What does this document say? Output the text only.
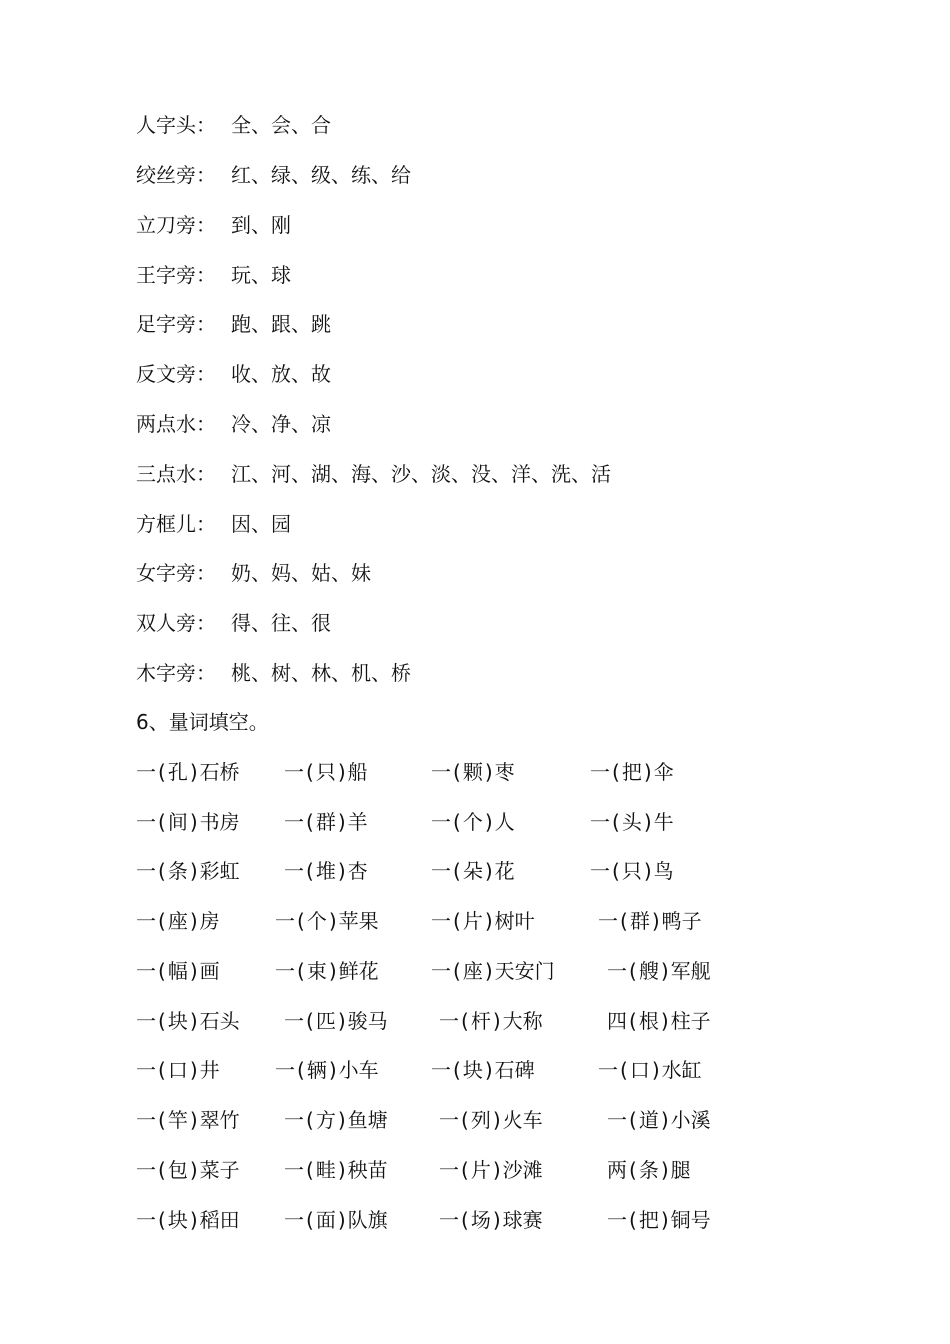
人字头： 全、会、合
绞丝旁： 红、绿、级、练、给
立刀旁： 到、刚
王字旁： 玩、球
足字旁： 跑、跟、跳
反文旁： 收、放、故
两点水： 冷、净、凉
三点水： 江、河、湖、海、沙、淡、没、洋、洗、活
方框儿： 因、园
女字旁： 奶、妈、姑、妹
双人旁： 得、往、很
木字旁： 桃、树、林、机、桥
6、量词填空。
一 ( 孔 ) 石桥 一 ( 只 ) 船	一 ( 颗 ) 枣	一 ( 把 ) 伞
一 ( 间 ) 书房 一 ( 群 ) 羊	一 ( 个 ) 人	一 ( 头 ) 牛
一 ( 条 ) 彩虹 一 ( 堆 ) 杏	一 ( 朵 ) 花	一 ( 只 ) 鸟
一 ( 座 ) 房	一 ( 个 ) 苹果	一 ( 片 ) 树叶	一 ( 群 ) 鸭子
一 ( 幅 ) 画	一 ( 束 ) 鲜花	一 ( 座 ) 天安门	一 ( 艘 ) 军舰
一 ( 块 ) 石头 一 ( 匹 ) 骏马	一 ( 杆 ) 大称	四 ( 根 ) 柱子
一 ( 口 ) 井	一 ( 辆 ) 小车	一 ( 块 ) 石碑	一 ( 口 ) 水缸
一 ( 竿 ) 翠竹 一 ( 方 ) 鱼塘	一 ( 列 ) 火车	一 ( 道 ) 小溪
一 ( 包 ) 菜子 一 ( 畦 ) 秧苗	一 ( 片 ) 沙滩	两 ( 条 ) 腿
一 ( 块 ) 稻田 一 ( 面 ) 队旗	一 ( 场 ) 球赛	一 ( 把 ) 铜号
